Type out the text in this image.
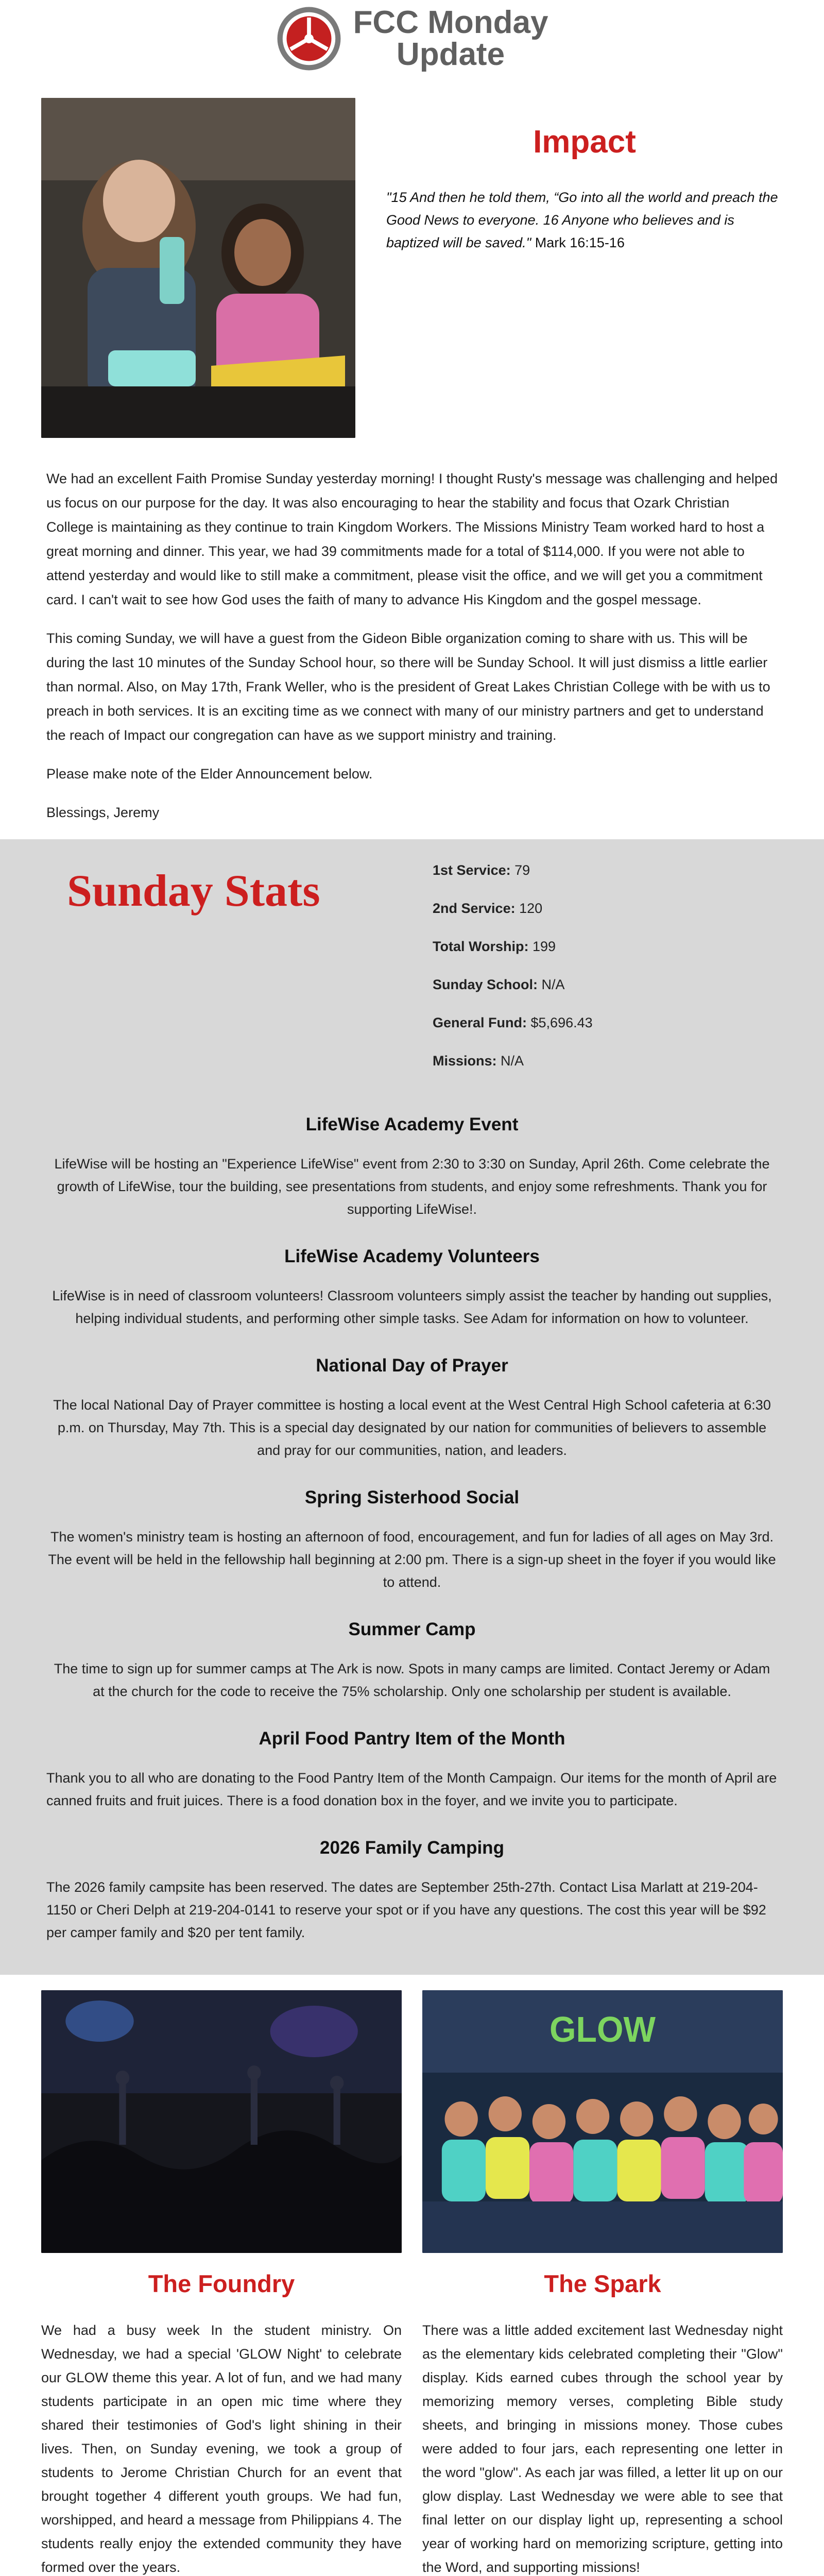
FCC Monday
Update
Impact

"15 And then he told them, “Go into all the world and preach the Good News to everyone. 16 Anyone who believes and is baptized will be saved." Mark 16:15-16

We had an excellent Faith Promise Sunday yesterday morning! I thought Rusty's message was challenging and helped us focus on our purpose for the day. It was also encouraging to hear the stability and focus that Ozark Christian College is maintaining as they continue to train Kingdom Workers. The Missions Ministry Team worked hard to host a great morning and dinner. This year, we had 39 commitments made for a total of $114,000. If you were not able to attend yesterday and would like to still make a commitment, please visit the office, and we will get you a commitment card. I can't wait to see how God uses the faith of many to advance His Kingdom and the gospel message.

This coming Sunday, we will have a guest from the Gideon Bible organization coming to share with us. This will be during the last 10 minutes of the Sunday School hour, so there will be Sunday School. It will just dismiss a little earlier than normal. Also, on May 17th, Frank Weller, who is the president of Great Lakes Christian College with be with us to preach in both services. It is an exciting time as we connect with many of our ministry partners and get to understand the reach of Impact our congregation can have as we support ministry and training.

Please make note of the Elder Announcement below.

Blessings, Jeremy

Sunday Stats	1st Service: 79
2nd Service: 120
Total Worship: 199
Sunday School: N/A
General Fund: $5,696.43
Missions: N/A
LifeWise Academy Event

LifeWise will be hosting an "Experience LifeWise" event from 2:30 to 3:30 on Sunday, April 26th. Come celebrate the growth of LifeWise, tour the building, see presentations from students, and enjoy some refreshments. Thank you for supporting LifeWise!.

LifeWise Academy Volunteers

LifeWise is in need of classroom volunteers! Classroom volunteers simply assist the teacher by handing out supplies, helping individual students, and performing other simple tasks. See Adam for information on how to volunteer.

National Day of Prayer

The local National Day of Prayer committee is hosting a local event at the West Central High School cafeteria at 6:30 p.m. on Thursday, May 7th. This is a special day designated by our nation for communities of believers to assemble and pray for our communities, nation, and leaders.

Spring Sisterhood Social

The women's ministry team is hosting an afternoon of food, encouragement, and fun for ladies of all ages on May 3rd. The event will be held in the fellowship hall beginning at 2:00 pm. There is a sign-up sheet in the foyer if you would like to attend.

Summer Camp

The time to sign up for summer camps at The Ark is now. Spots in many camps are limited. Contact Jeremy or Adam at the church for the code to receive the 75% scholarship. Only one scholarship per student is available.

April Food Pantry Item of the Month

Thank you to all who are donating to the Food Pantry Item of the Month Campaign. Our items for the month of April are canned fruits and fruit juices. There is a food donation box in the foyer, and we invite you to participate.

2026 Family Camping

The 2026 family campsite has been reserved. The dates are September 25th-27th. Contact Lisa Marlatt at 219-204-1150 or Cheri Delph at 219-204-0141 to reserve your spot or if you have any questions. The cost this year will be $92 per camper family and $20 per tent family.

The Foundry

We had a busy week In the student ministry. On Wednesday, we had a special 'GLOW Night' to celebrate our GLOW theme this year. A lot of fun, and we had many students participate in an open mic time where they shared their testimonies of God's light shining in their lives. Then, on Sunday evening, we took a group of students to Jerome Christian Church for an event that brought together 4 different youth groups. We had fun, worshipped, and heard a message from Philippians 4. The students really enjoy the extended community they have formed over the years.

GLOW
The Spark

There was a little added excitement last Wednesday night as the elementary kids celebrated completing their "Glow" display. Kids earned cubes through the school year by memorizing memory verses, completing Bible study sheets, and bringing in missions money. Those cubes were added to four jars, each representing one letter in the word "glow". As each jar was filled, a letter lit up on our glow display. Last Wednesday we were able to see that final letter on our display light up, representing a school year of working hard on memorizing scripture, getting into the Word, and supporting missions!
